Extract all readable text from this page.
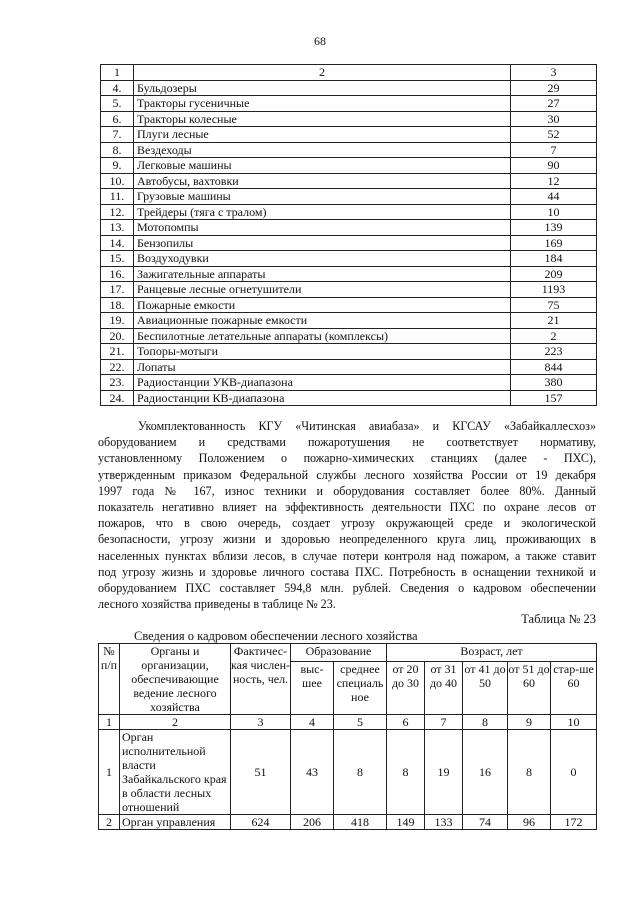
68
1	2	3
4.	Бульдозеры	29
5.	Тракторы гусеничные	27
6.	Тракторы колесные	30
7.	Плуги лесные	52
8.	Вездеходы	7
9.	Легковые машины	90
10.	Автобусы, вахтовки	12
11.	Грузовые машины	44
12.	Трейдеры (тяга с тралом)	10
13.	Мотопомпы	139
14.	Бензопилы	169
15.	Воздуходувки	184
16.	Зажигательные аппараты	209
17.	Ранцевые лесные огнетушители	1193
18.	Пожарные емкости	75
19.	Авиационные пожарные емкости	21
20.	Беспилотные летательные аппараты (комплексы)	2
21.	Топоры-мотыги	223
22.	Лопаты	844
23.	Радиостанции УКВ-диапазона	380
24.	Радиостанции КВ-диапазона	157

Укомплектованность КГУ «Читинская авиабаза» и КГСАУ «Забайкаллесхоз»
оборудованием и средствами пожаротушения не соответствует нормативу,
установленному Положением о пожарно-химических станциях (далее - ПХС),
утвержденным приказом Федеральной службы лесного хозяйства России от 19 декабря
1997 года № 167, износ техники и оборудования составляет более 80%. Данный
показатель негативно влияет на эффективность деятельности ПХС по охране лесов от
пожаров, что в свою очередь, создает угрозу окружающей среде и экологической
безопасности, угрозу жизни и здоровью неопределенного круга лиц, проживающих в
населенных пунктах вблизи лесов, в случае потери контроля над пожаром, а также ставит
под угрозу жизнь и здоровье личного состава ПХС. Потребность в оснащении техникой и
оборудованием ПХС составляет 594,8 млн. рублей. Сведения о кадровом обеспечении
лесного хозяйства приведены в таблице № 23.

Таблица № 23
Сведения о кадровом обеспечении лесного хозяйства
№ п/п	Органы и организации, обеспечивающие ведение лесного хозяйства	Фактичес-кая числен-ность, чел.	Образование		Возраст, лет				
			выс-шее	среднее специаль ное	от 20 до 30	от 31 до 40	от 41 до 50	от 51 до 60	стар-ше 60
1	2	3	4	5	6	7	8	9	10
1	Орган исполнительной власти Забайкальского края в области лесных отношений	51	43	8	8	19	16	8	0
2	Орган управления	624	206	418	149	133	74	96	172
